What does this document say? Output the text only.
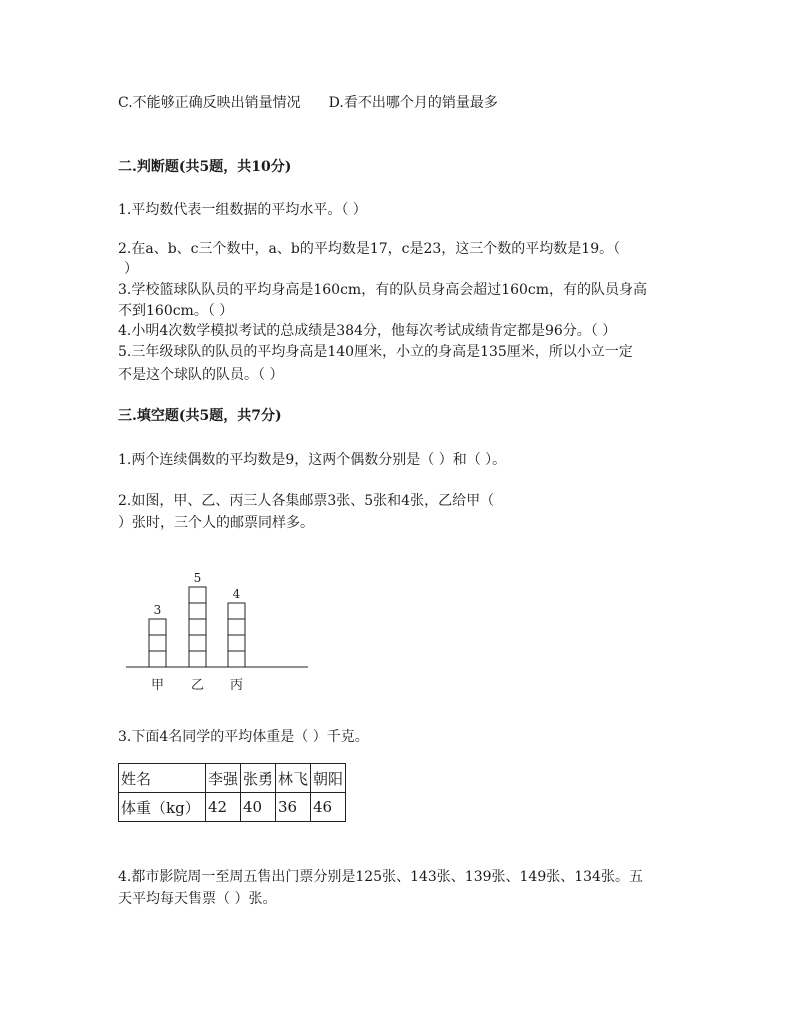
C.不能够正确反映出销量情况　　D.看不出哪个月的销量最多
二.判断题(共5题，共10分)
1.平均数代表一组数据的平均水平。（ ）
2.在a、b、c三个数中，a、b的平均数是17，c是23，这三个数的平均数是19。（
）
3.学校篮球队队员的平均身高是160cm，有的队员身高会超过160cm，有的队员身高
不到160cm。（ ）
4.小明4次数学模拟考试的总成绩是384分，他每次考试成绩肯定都是96分。（ ）
5.三年级球队的队员的平均身高是140厘米，小立的身高是135厘米，所以小立一定
不是这个球队的队员。（ ）
三.填空题(共5题，共7分)
1.两个连续偶数的平均数是9，这两个偶数分别是（ ）和（ ）。
2.如图，甲、乙、丙三人各集邮票3张、5张和4张，乙给甲（
）张时，三个人的邮票同样多。
3
甲
5
乙
4
丙
3.下面4名同学的平均体重是（ ）千克。
姓名	李强	张勇	林飞	朝阳
体重（kg）	42	40	36	46
4.都市影院周一至周五售出门票分别是125张、143张、139张、149张、134张。五
天平均每天售票（ ）张。
